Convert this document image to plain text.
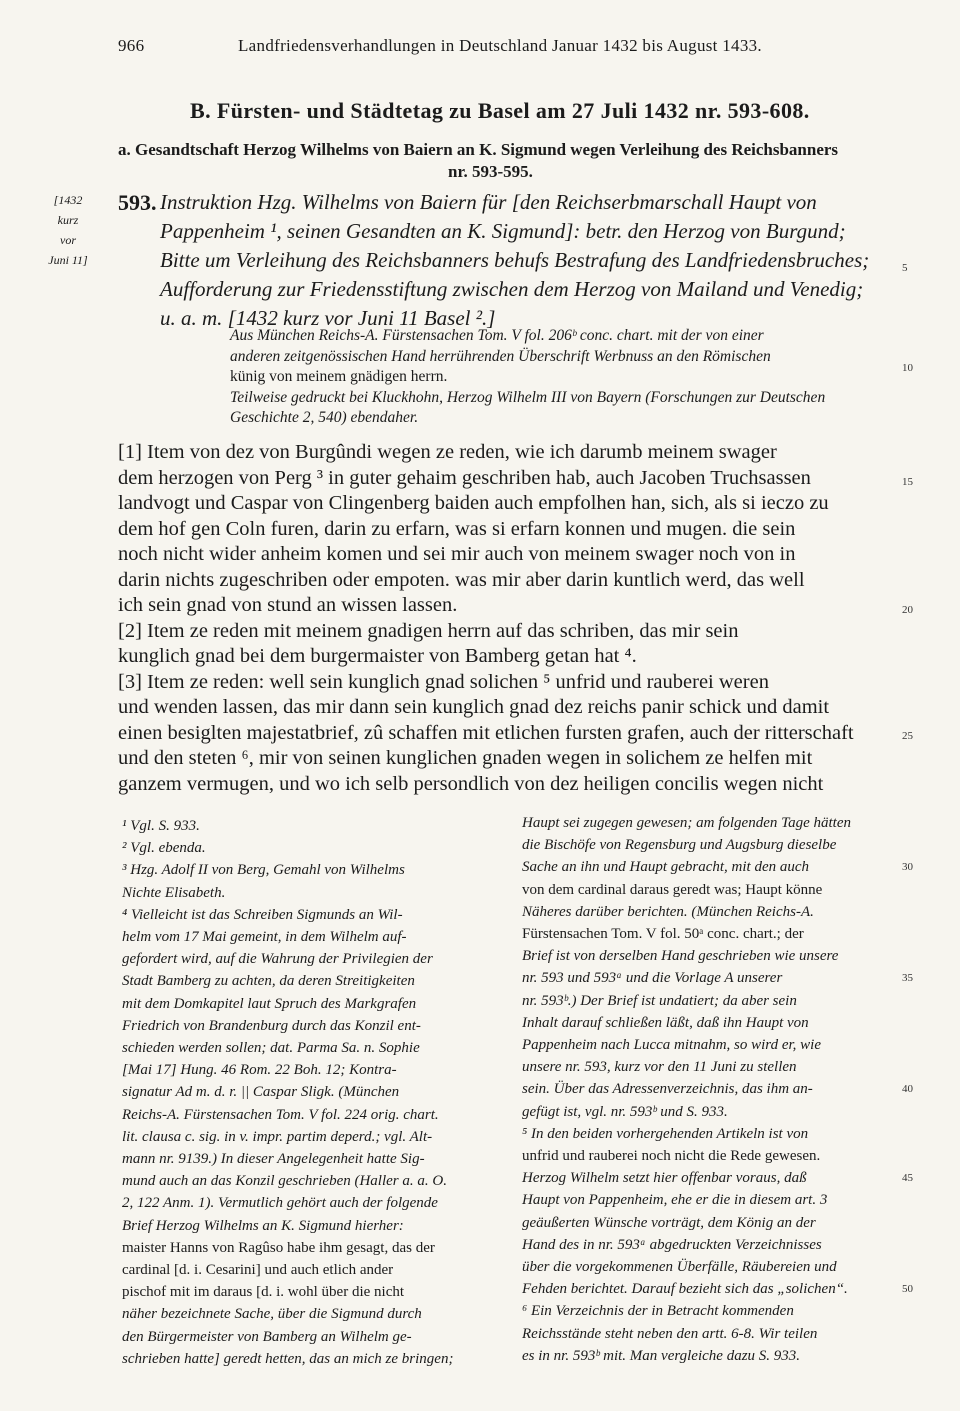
966	Landfriedensverhandlungen in Deutschland Januar 1432 bis August 1433.
B. Fürsten- und Städtetag zu Basel am 27 Juli 1432 nr. 593-608.
a. Gesandtschaft Herzog Wilhelms von Baiern an K. Sigmund wegen Verleihung des Reichsbanners
nr. 593-595.
[1432
kurz
vor
Juni 11]
593. Instruktion Hzg. Wilhelms von Baiern für [den Reichserbmarschall Haupt von
Pappenheim ¹, seinen Gesandten an K. Sigmund]: betr. den Herzog von Burgund;
Bitte um Verleihung des Reichsbanners behufs Bestrafung des Landfriedensbruches;
Aufforderung zur Friedensstiftung zwischen dem Herzog von Mailand und Venedig;
u. a. m. [1432 kurz vor Juni 11 Basel ².]
Aus München Reichs-A. Fürstensachen Tom. V fol. 206ᵇ conc. chart. mit der von einer
anderen zeitgenössischen Hand herrührenden Überschrift Werbnuss an den Römischen
künig von meinem gnädigen herrn.
Teilweise gedruckt bei Kluckhohn, Herzog Wilhelm III von Bayern (Forschungen zur Deutschen
Geschichte 2, 540) ebendaher.
[1] Item von dez von Burgûndi wegen ze reden, wie ich darumb meinem swager
dem herzogen von Perg ³ in guter gehaim geschriben hab, auch Jacoben Truchsassen
landvogt und Caspar von Clingenberg baiden auch empfolhen han, sich, als si ieczo zu
dem hof gen Coln furen, darin zu erfarn, was si erfarn konnen und mugen. die sein
noch nicht wider anheim komen und sei mir auch von meinem swager noch von in
darin nichts zugeschriben oder empoten. was mir aber darin kuntlich werd, das well
ich sein gnad von stund an wissen lassen.
[2] Item ze reden mit meinem gnadigen herrn auf das schriben, das mir sein
kunglich gnad bei dem burgermaister von Bamberg getan hat ⁴.
[3] Item ze reden: well sein kunglich gnad solichen ⁵ unfrid und rauberei weren
und wenden lassen, das mir dann sein kunglich gnad dez reichs panir schick und damit
einen besiglten majestatbrief, zû schaffen mit etlichen fursten grafen, auch der ritterschaft
und den steten ⁶, mir von seinen kunglichen gnaden wegen in solichem ze helfen mit
ganzem vermugen, und wo ich selb persondlich von dez heiligen concilis wegen nicht
5
10
15
20
25
30
35
40
45
50
¹ Vgl. S. 933.
² Vgl. ebenda.
³ Hzg. Adolf II von Berg, Gemahl von Wilhelms
Nichte Elisabeth.
⁴ Vielleicht ist das Schreiben Sigmunds an Wil-
helm vom 17 Mai gemeint, in dem Wilhelm auf-
gefordert wird, auf die Wahrung der Privilegien der
Stadt Bamberg zu achten, da deren Streitigkeiten
mit dem Domkapitel laut Spruch des Markgrafen
Friedrich von Brandenburg durch das Konzil ent-
schieden werden sollen; dat. Parma Sa. n. Sophie
[Mai 17] Hung. 46 Rom. 22 Boh. 12; Kontra-
signatur Ad m. d. r. || Caspar Sligk. (München
Reichs-A. Fürstensachen Tom. V fol. 224 orig. chart.
lit. clausa c. sig. in v. impr. partim deperd.; vgl. Alt-
mann nr. 9139.) In dieser Angelegenheit hatte Sig-
mund auch an das Konzil geschrieben (Haller a. a. O.
2, 122 Anm. 1). Vermutlich gehört auch der folgende
Brief Herzog Wilhelms an K. Sigmund hierher:
maister Hanns von Ragûso habe ihm gesagt, das der
cardinal [d. i. Cesarini] und auch etlich ander
pischof mit im daraus [d. i. wohl über die nicht
näher bezeichnete Sache, über die Sigmund durch
den Bürgermeister von Bamberg an Wilhelm ge-
schrieben hatte] geredt hetten, das an mich ze bringen;
Haupt sei zugegen gewesen; am folgenden Tage hätten
die Bischöfe von Regensburg und Augsburg dieselbe
Sache an ihn und Haupt gebracht, mit den auch
von dem cardinal daraus geredt was; Haupt könne
Näheres darüber berichten. (München Reichs-A.
Fürstensachen Tom. V fol. 50ᵃ conc. chart.; der
Brief ist von derselben Hand geschrieben wie unsere
nr. 593 und 593ᵃ und die Vorlage A unserer
nr. 593ᵇ.) Der Brief ist undatiert; da aber sein
Inhalt darauf schließen läßt, daß ihn Haupt von
Pappenheim nach Lucca mitnahm, so wird er, wie
unsere nr. 593, kurz vor den 11 Juni zu stellen
sein. Über das Adressenverzeichnis, das ihm an-
gefügt ist, vgl. nr. 593ᵇ und S. 933.
⁵ In den beiden vorhergehenden Artikeln ist von
unfrid und rauberei noch nicht die Rede gewesen.
Herzog Wilhelm setzt hier offenbar voraus, daß
Haupt von Pappenheim, ehe er die in diesem art. 3
geäußerten Wünsche vorträgt, dem König an der
Hand des in nr. 593ᵃ abgedruckten Verzeichnisses
über die vorgekommenen Überfälle, Räubereien und
Fehden berichtet. Darauf bezieht sich das „solichen“.
⁶ Ein Verzeichnis der in Betracht kommenden
Reichsstände steht neben den artt. 6-8. Wir teilen
es in nr. 593ᵇ mit. Man vergleiche dazu S. 933.
